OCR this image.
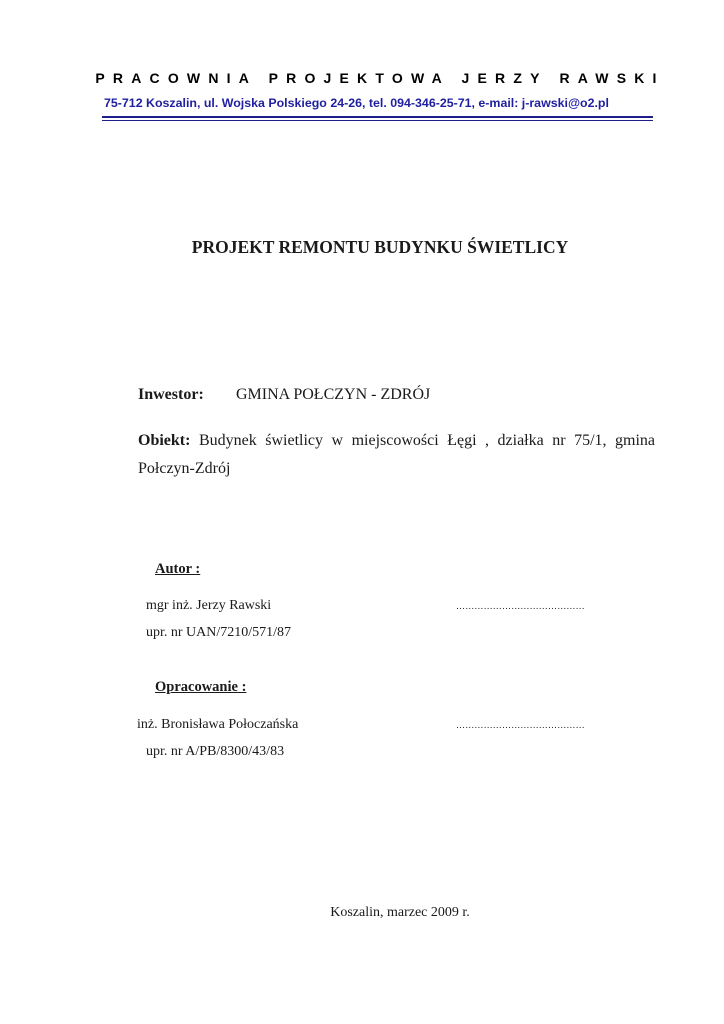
PRACOWNIA PROJEKTOWA JERZY RAWSKI
75-712 Koszalin, ul. Wojska Polskiego 24-26, tel. 094-346-25-71, e-mail: j-rawski@o2.pl
PROJEKT REMONTU BUDYNKU ŚWIETLICY
Inwestor: GMINA POŁCZYN - ZDRÓJ
Obiekt: Budynek świetlicy w miejscowości Łęgi , działka nr 75/1, gmina Połczyn-Zdrój
Autor :
mgr inż. Jerzy Rawski	……………………………………
upr. nr UAN/7210/571/87
Opracowanie :
inż. Bronisława Połoczańska	……………………………………
upr. nr A/PB/8300/43/83
Koszalin, marzec 2009 r.
